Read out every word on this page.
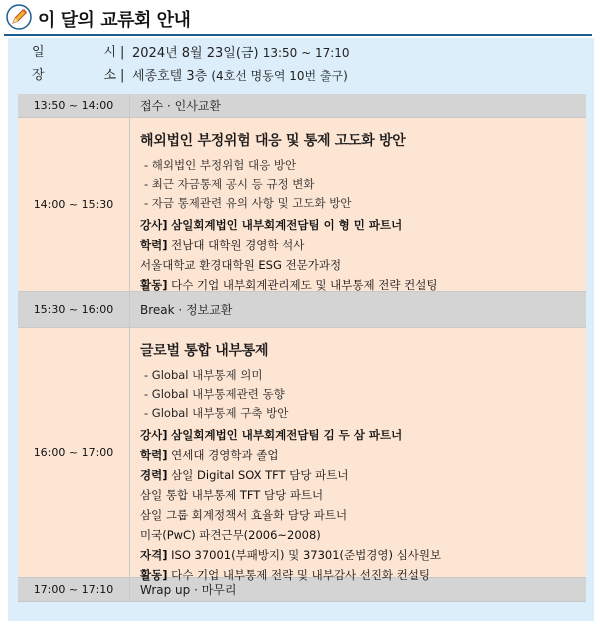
이 달의 교류회 안내
일	시 | 2024년 8월 23일(금) 13:50 ~ 17:10
장	소 | 세종호텔 3층 (4호선 명동역 10번 출구)
13:50 ~ 14:00	접수 · 인사교환
14:00 ~ 15:30
해외법인 부정위험 대응 및 통제 고도화 방안
- 해외법인 부정위험 대응 방안
- 최근 자금통제 공시 등 규정 변화
- 자금 통제관련 유의 사항 및 고도화 방안
강사] 삼일회계법인 내부회계전담팀 이 형 민 파트너
학력] 전남대 대학원 경영학 석사
서울대학교 환경대학원 ESG 전문가과정
활동] 다수 기업 내부회계관리제도 및 내부통제 전략 컨설팅
15:30 ~ 16:00	Break · 정보교환
16:00 ~ 17:00
글로벌 통합 내부통제
- Global 내부통제 의미
- Global 내부통제관련 동향
- Global 내부통제 구축 방안
강사] 삼일회계법인 내부회계전담팀 김 두 삼 파트너
학력] 연세대 경영학과 졸업
경력] 삼일 Digital SOX TFT 담당 파트너
삼일 통합 내부통제 TFT 담당 파트너
삼일 그룹 회계정책서 효율화 담당 파트너
미국(PwC) 파견근무(2006~2008)
자격] ISO 37001(부패방지) 및 37301(준법경영) 심사원보
활동] 다수 기업 내부통제 전략 및 내부감사 선진화 컨설팅
17:00 ~ 17:10	Wrap up · 마무리
